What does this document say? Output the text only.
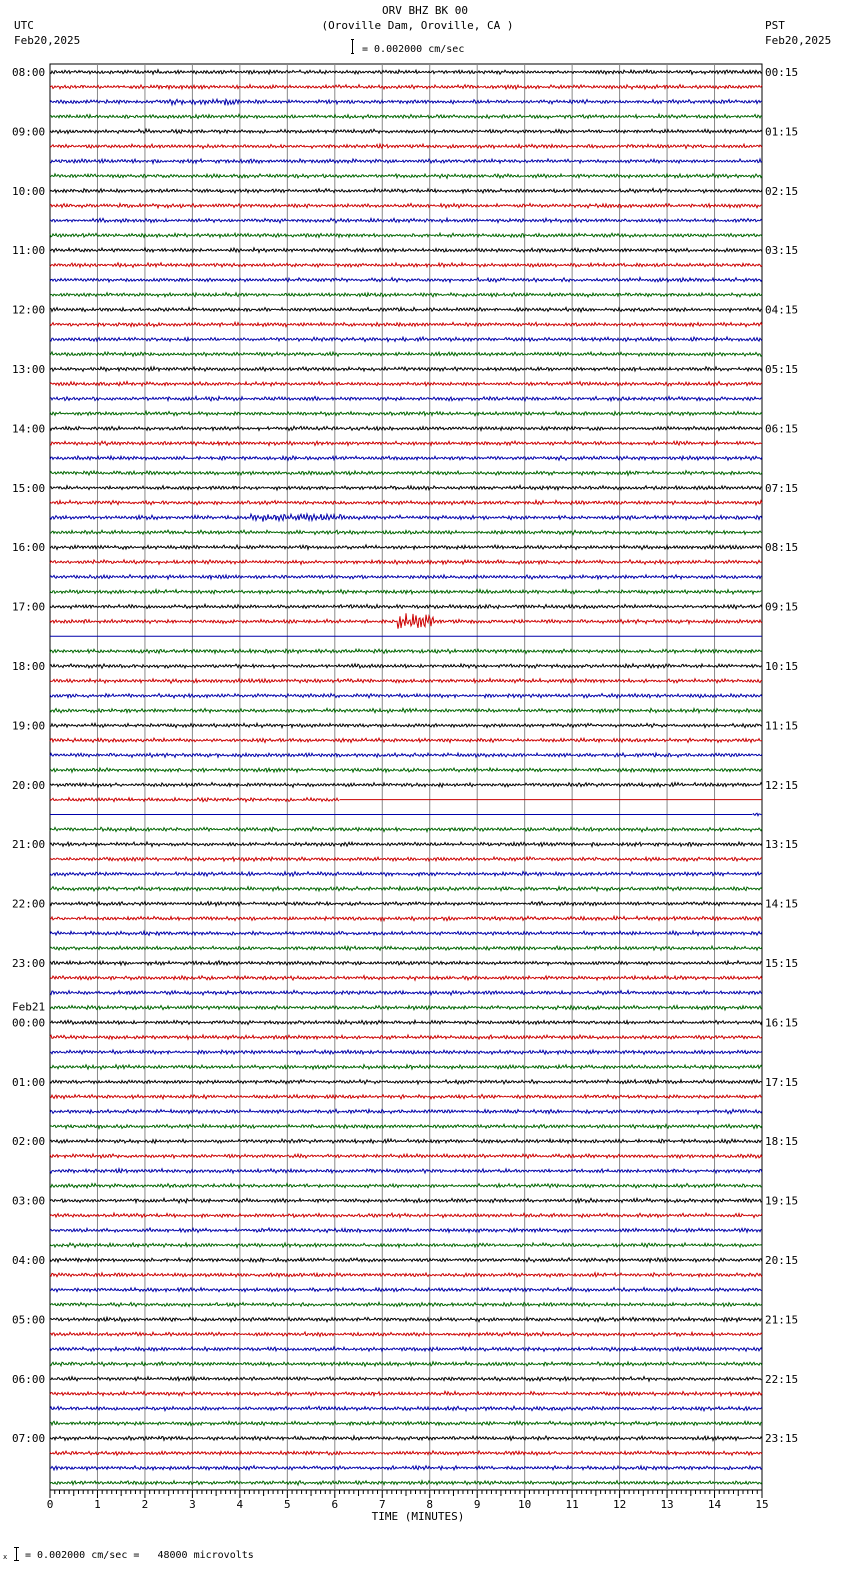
ORV BHZ BK 00
(Oroville Dam, Oroville, CA )
= 0.002000 cm/sec
UTC
Feb20,2025
PST
Feb20,2025
08:00
09:00
10:00
11:00
12:00
13:00
14:00
15:00
16:00
17:00
18:00
19:00
20:00
21:00
22:00
23:00
Feb21
00:00
01:00
02:00
03:00
04:00
05:00
06:00
07:00
00:15
01:15
02:15
03:15
04:15
05:15
06:15
07:15
08:15
09:15
10:15
11:15
12:15
13:15
14:15
15:15
16:15
17:15
18:15
19:15
20:15
21:15
22:15
23:15
0	1	2	3	4	5	6	7	8	9	10	11	12	13	14	15
TIME (MINUTES)
x = 0.002000 cm/sec =   48000 microvolts
